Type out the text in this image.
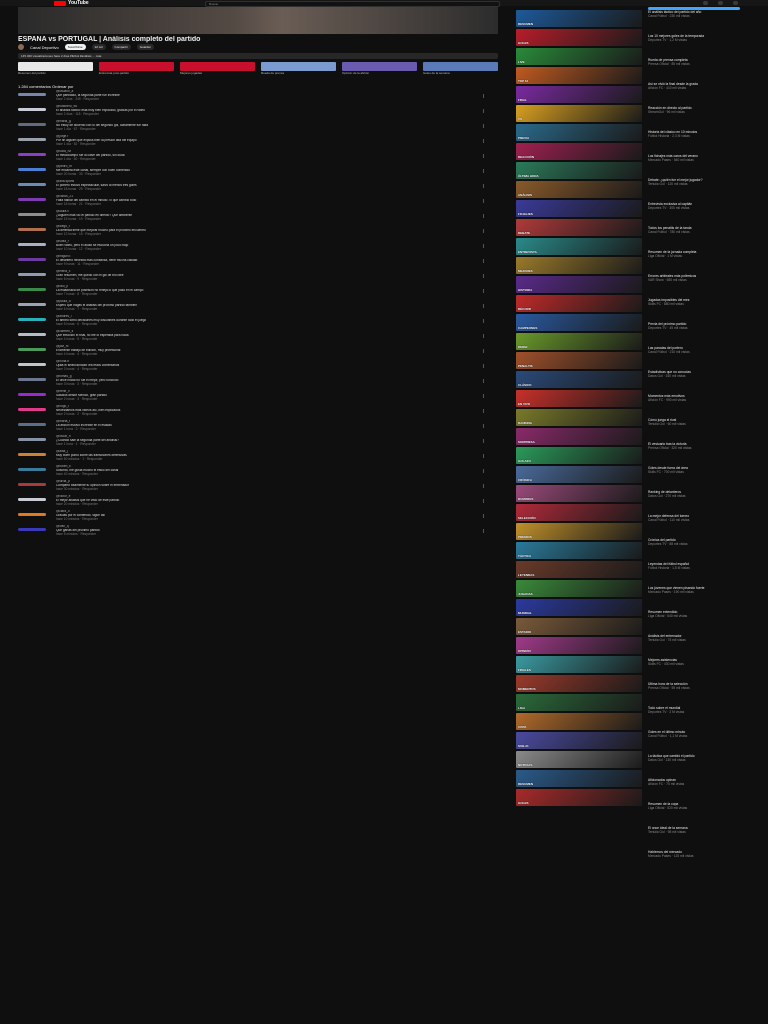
YouTube	Buscar
ESPAÑA vs PORTUGAL | Análisis completo del partido
Canal Deportivo	Suscribirse	12 mil	Compartir	Guardar
145.320 visualizaciones hace 2 días #fútbol #análisis ... más
Resumen del partido	Entrevista post-partido	Mejores jugadas	Rueda de prensa	Opinión de la afición	Goles de la semana
1.284 comentarios Ordenar por
@usuario_a
Qué partidazo, la segunda parte fue increíble
hace 2 días · 245 · Responder
@futbolero_98
El análisis táctico está muy bien explicado, gracias por el video
hace 2 días · 118 · Responder
@maria_g
No estoy de acuerdo con lo del segundo gol, claramente fue falta
hace 1 día · 67 · Responder
@jorge.r
Por fin alguien que explica bien la presión alta del equipo
hace 1 día · 52 · Responder
@lucia_hz
El mediocampo fue la clave del partido, sin duda
hace 1 día · 40 · Responder
@pedro_m
Me encanta este canal, siempre con buen contenido
hace 20 horas · 33 · Responder
@ana.sports
El portero estuvo espectacular, salvó al menos tres goles
hace 18 horas · 29 · Responder
@carlos_21
Falta hablar del cambio en el minuto 70 que cambió todo
hace 16 horas · 21 · Responder
@laura.v
¿Alguien más vio el partido en directo? Qué ambiente
hace 15 horas · 19 · Responder
@diego_f
La defensa tiene que mejorar mucho para el próximo encuentro
hace 12 horas · 15 · Responder
@sofia_r
Buen video, pero el audio se escucha un poco bajo
hace 10 horas · 12 · Responder
@miguel.t
El delantero necesita más confianza, tiene mucha calidad
hace 9 horas · 11 · Responder
@elena_c
Gran resumen, me quedo con el gol de tiro libre
hace 8 horas · 9 · Responder
@raul_p
La estadística de posesión no refleja lo que pasó en el campo
hace 7 horas · 8 · Responder
@paula_d
Espero que hagas el análisis del próximo partido también
hace 6 horas · 7 · Responder
@andres_l
El árbitro tomó decisiones muy discutibles durante todo el juego
hace 5 horas · 6 · Responder
@carmen_s
Qué emoción el final, no me lo esperaba para nada
hace 4 horas · 5 · Responder
@javi_m
Excelente trabajo de edición, muy profesional
hace 4 horas · 4 · Responder
@nuria.b
Ojalá el seleccionador lea estos comentarios
hace 3 horas · 4 · Responder
@tomas_g
El once inicial no fue el mejor, pero funcionó
hace 3 horas · 3 · Responder
@irene_v
Saludos desde México, gran partido
hace 2 horas · 3 · Responder
@hugo_r
Necesitamos más videos así, bien explicados
hace 2 horas · 2 · Responder
@marta_f
La afición estuvo increíble en el estadio
hace 1 hora · 2 · Responder
@oscar_n
¿Cuándo sale la segunda parte del análisis?
hace 1 hora · 1 · Responder
@alba_j
Muy buen punto sobre las transiciones defensivas
hace 50 minutos · 1 · Responder
@ruben_k
Suscrito, me gusta mucho el estilo del canal
hace 40 minutos · Responder
@silvia_p
Comparto totalmente tu opinión sobre el entrenador
hace 30 minutos · Responder
@victor_e
El mejor análisis que he visto de este partido
hace 20 minutos · Responder
@clara_o
Gracias por el contenido, sigue así
hace 10 minutos · Responder
@ivan_q
Qué ganas del próximo partido
hace 5 minutos · Responder
RESUMEN
GOLES
LIVE
TOP 10
FINAL
VS
PREVIA
REACCIÓN
ÚLTIMA HORA
ANÁLISIS
FICHAJES
DEBATE
ENTREVISTA
MEJORES
HISTORIA
RÉCORD
CAMPEONES
DERBI
PENALTIS
CLÁSICO
EN VIVO
RANKING
SORPRESA
GOLAZO
CRÓNICA
RUMORES
SELECCIÓN
PREMIOS
TÁCTICA
LEYENDAS
JUGADAS
MUNDIAL
ESTADIO
OPINIÓN
FINALES
MOMENTOS
LIGA
COPA
SUB-21
NOTICIAS
RESUMEN
GOLES
El análisis táctico del partido del año
Canal Fútbol · 230 mil vistas
Los 10 mejores goles de la temporada
Deportes TV · 1,2 M vistas
Rueda de prensa completa
Prensa Oficial · 85 mil vistas
Así se vivió la final desde la grada
Afición FC · 410 mil vistas
Reacción en directo al partido
StreamGol · 96 mil vistas
Historia del clásico en 10 minutos
Fútbol Historia · 2,3 M vistas
Los fichajes más caros del verano
Mercado Pases · 540 mil vistas
Debate: ¿quién fue el mejor jugador?
Tertulia Gol · 120 mil vistas
Entrevista exclusiva al capitán
Deportes TV · 300 mil vistas
Todos los penaltis de la tanda
Canal Fútbol · 780 mil vistas
Resumen de la jornada completa
Liga Oficial · 1 M vistas
Errores arbitrales más polémicos
VAR Show · 650 mil vistas
Jugadas imposibles del mes
Skills FC · 880 mil vistas
Previa del próximo partido
Deportes TV · 45 mil vistas
Las paradas del portero
Canal Fútbol · 210 mil vistas
Estadísticas que no conocías
Datos Gol · 150 mil vistas
Momentos más emotivos
Afición FC · 990 mil vistas
Cómo juega el rival
Tertulia Gol · 60 mil vistas
El vestuario tras la victoria
Prensa Oficial · 320 mil vistas
Goles desde fuera del área
Skills FC · 700 mil vistas
Ranking de delanteros
Datos Gol · 270 mil vistas
La mejor defensa del torneo
Canal Fútbol · 110 mil vistas
Crónica del partido
Deportes TV · 88 mil vistas
Leyendas del fútbol español
Fútbol Historia · 1,5 M vistas
Los jóvenes que vienen pisando fuerte
Mercado Pases · 190 mil vistas
Resumen extendido
Liga Oficial · 640 mil vistas
Análisis del entrenador
Tertulia Gol · 75 mil vistas
Mejores asistencias
Skills FC · 430 mil vistas
Última hora de la selección
Prensa Oficial · 55 mil vistas
Todo sobre el mundial
Deportes TV · 2 M vistas
Goles en el último minuto
Canal Fútbol · 1,1 M vistas
La táctica que cambió el partido
Datos Gol · 130 mil vistas
Aficionados opinan
Afición FC · 70 mil vistas
Resumen de la copa
Liga Oficial · 520 mil vistas
El once ideal de la semana
Tertulia Gol · 98 mil vistas
Hablemos del mercado
Mercado Pases · 115 mil vistas
